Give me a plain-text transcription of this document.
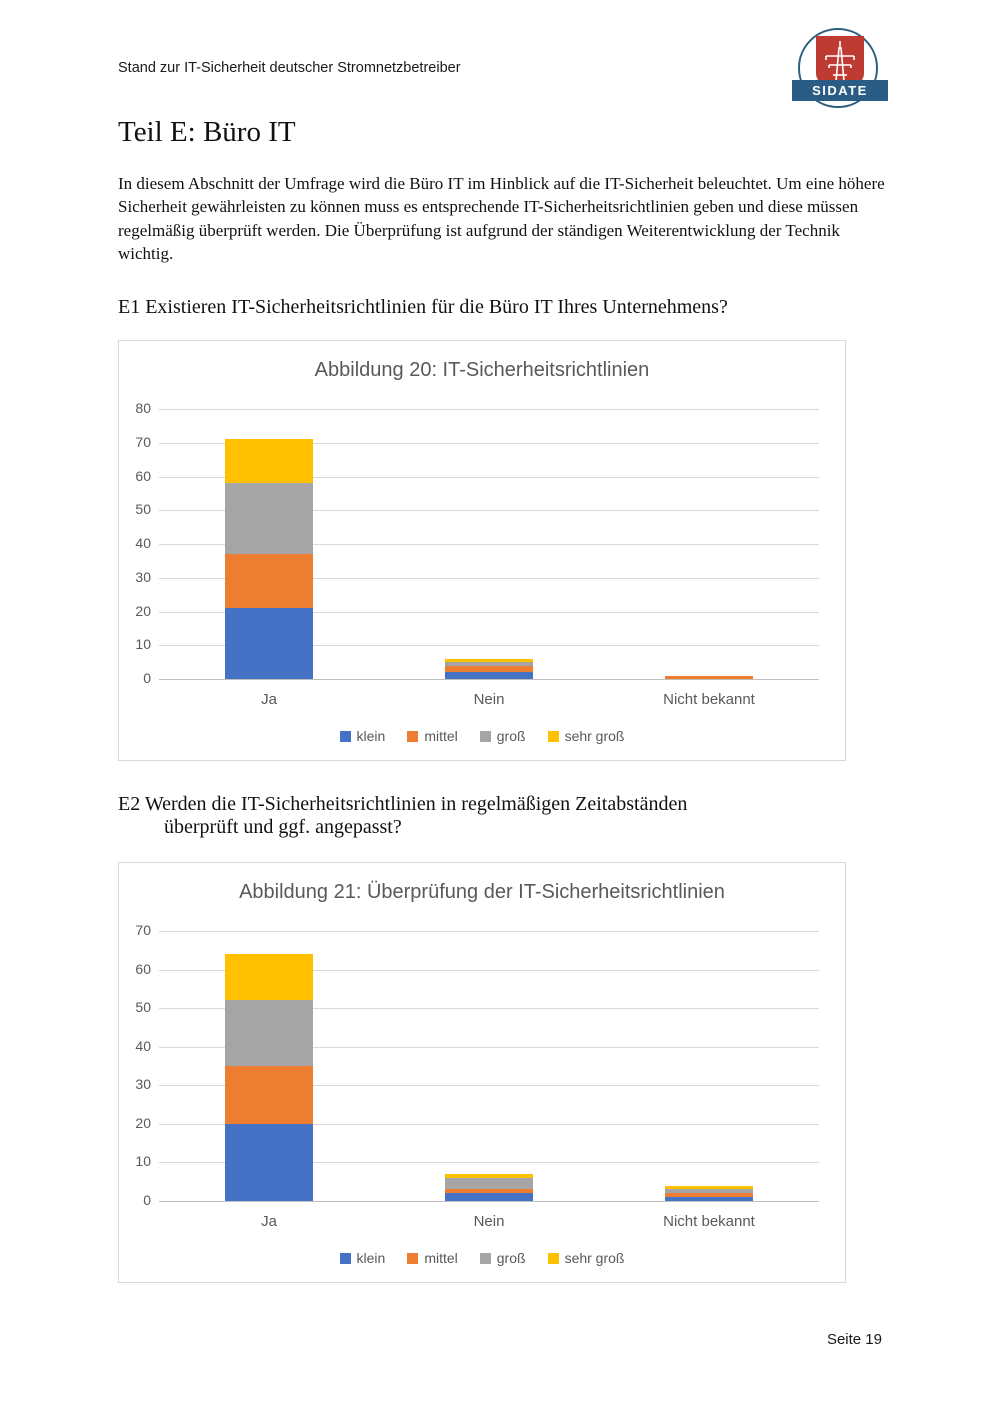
Stand zur IT-Sicherheit deutscher Stromnetzbetreiber
SIDATE
Teil E: Büro IT

In diesem Abschnitt der Umfrage wird die Büro IT im Hinblick auf die IT-Sicherheit beleuchtet. Um eine höhere Sicherheit gewährleisten zu können muss es entsprechende IT-Sicherheitsrichtlinien geben und diese müssen regelmäßig überprüft werden. Die Überprüfung ist aufgrund der ständigen Weiterentwicklung der Technik wichtig.

E1 Existieren IT-Sicherheitsrichtlinien für die Büro IT Ihres Unternehmens?
Abbildung 20: IT-Sicherheitsrichtlinien
0
10
20
30
40
50
60
70
80
Ja	Nein	Nicht bekannt
klein	mittel	groß	sehr groß
E2 Werden die IT-Sicherheitsrichtlinien in regelmäßigen Zeitabständen
überprüft und ggf. angepasst?
Abbildung 21: Überprüfung der IT-Sicherheitsrichtlinien
0
10
20
30
40
50
60
70
Ja	Nein	Nicht bekannt
klein	mittel	groß	sehr groß
Seite 19
